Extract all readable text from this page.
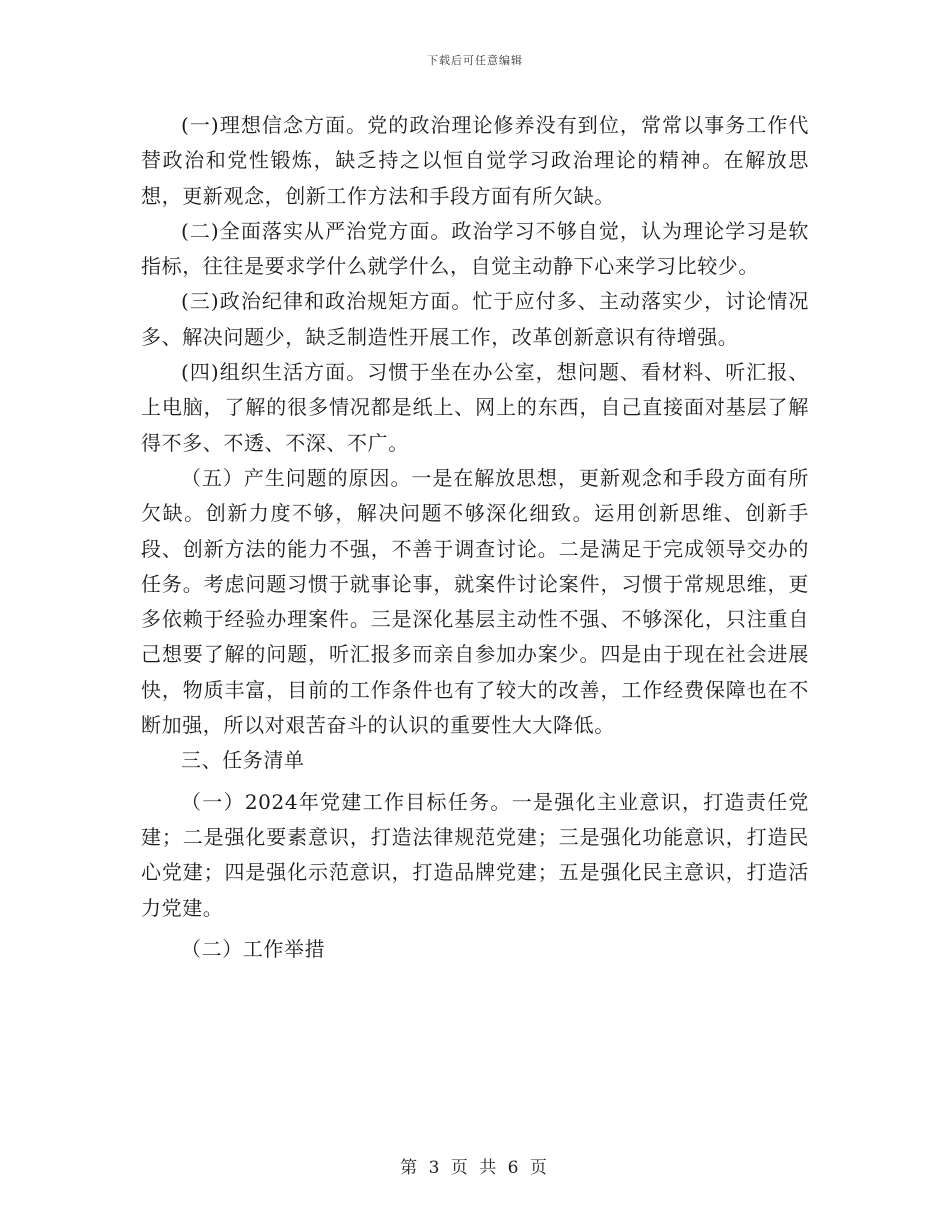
下载后可任意编辑

(一)理想信念方面。党的政治理论修养没有到位，常常以事务工作代替政治和党性锻炼，缺乏持之以恒自觉学习政治理论的精神。在解放思想，更新观念，创新工作方法和手段方面有所欠缺。

(二)全面落实从严治党方面。政治学习不够自觉，认为理论学习是软指标，往往是要求学什么就学什么，自觉主动静下心来学习比较少。

(三)政治纪律和政治规矩方面。忙于应付多、主动落实少，讨论情况多、解决问题少，缺乏制造性开展工作，改革创新意识有待增强。

(四)组织生活方面。习惯于坐在办公室，想问题、看材料、听汇报、上电脑，了解的很多情况都是纸上、网上的东西，自己直接面对基层了解得不多、不透、不深、不广。

（五）产生问题的原因。一是在解放思想，更新观念和手段方面有所欠缺。创新力度不够，解决问题不够深化细致。运用创新思维、创新手段、创新方法的能力不强，不善于调查讨论。二是满足于完成领导交办的任务。考虑问题习惯于就事论事，就案件讨论案件，习惯于常规思维，更多依赖于经验办理案件。三是深化基层主动性不强、不够深化，只注重自己想要了解的问题，听汇报多而亲自参加办案少。四是由于现在社会进展快，物质丰富，目前的工作条件也有了较大的改善，工作经费保障也在不断加强，所以对艰苦奋斗的认识的重要性大大降低。

三、任务清单

（一）2024年党建工作目标任务。一是强化主业意识，打造责任党建；二是强化要素意识，打造法律规范党建；三是强化功能意识，打造民心党建；四是强化示范意识，打造品牌党建；五是强化民主意识，打造活力党建。

（二）工作举措

第 3 页 共 6 页
